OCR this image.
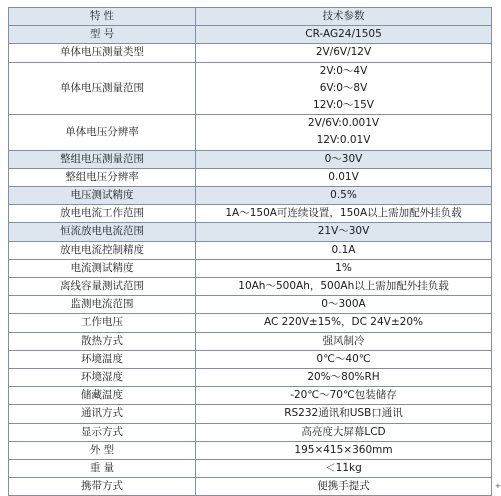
特 性	技术参数
型 号	CR-AG24/1505
单体电压测量类型	2V/6V/12V
单体电压测量范围	2V:0～4V
6V:0～8V
12V:0～15V

单体电压分辨率	2V/6V:0.001V
12V:0.01V

整组电压测量范围	0～30V
整组电压分辨率	0.01V
电压测试精度	0.5%
放电电流工作范围	1A～150A可连续设置，150A以上需加配外挂负载
恒流放电电流范围	21V～30V
放电电流控制精度	0.1A
电流测试精度	1%
离线容量测试范围	10Ah～500Ah，500Ah以上需加配外挂负载
监测电流范围	0～300A
工作电压	AC 220V±15%，DC 24V±20%
散热方式	强风制冷
环境温度	0℃～40℃
环境湿度	20%～80%RH
储藏温度	-20℃～70℃包装储存
通讯方式	RS232通讯和USB口通讯
显示方式	高亮度大屏幕LCD
外 型	195×415×360mm
重 量	＜11kg
携带方式	便携手提式	+
